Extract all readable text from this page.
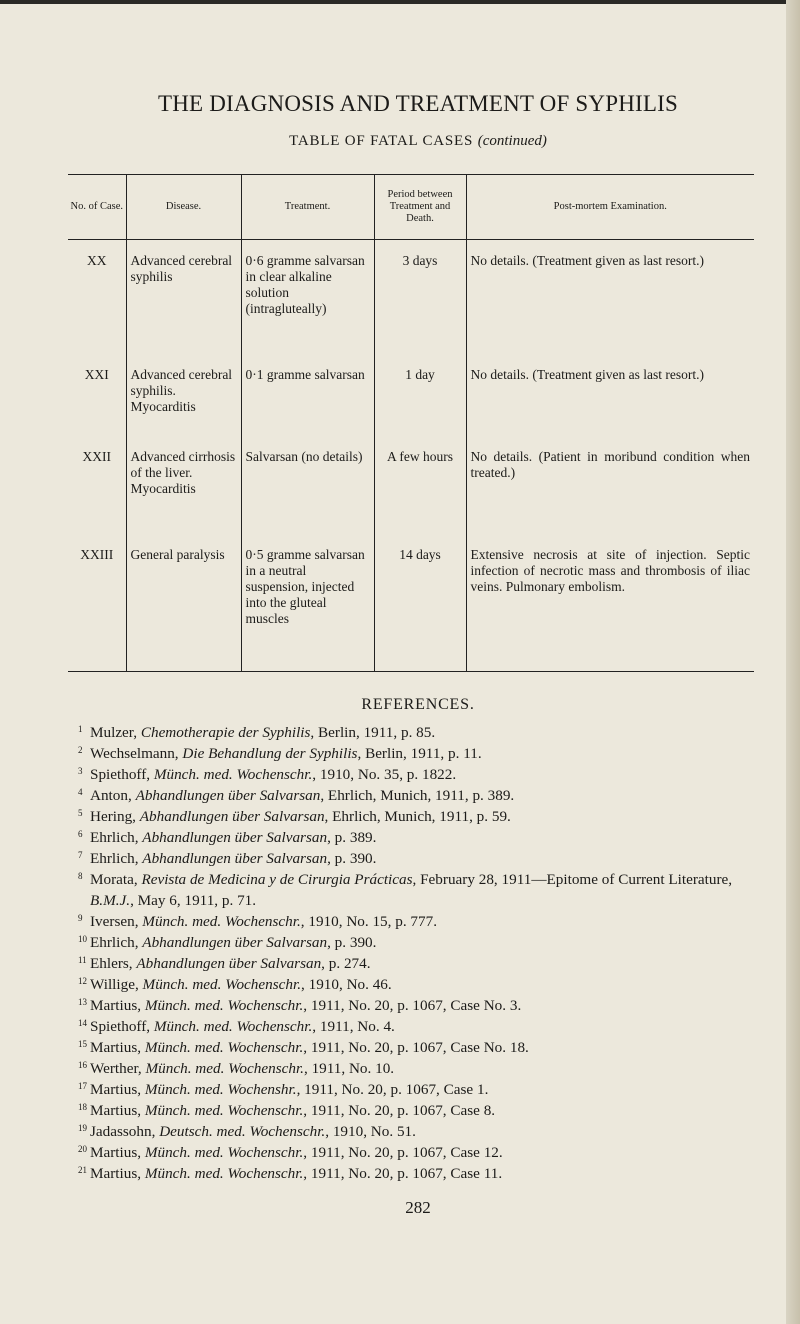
THE DIAGNOSIS AND TREATMENT OF SYPHILIS
TABLE OF FATAL CASES (continued)
No. of Case.	Disease.	Treatment.	Period between Treatment and Death.	Post-mortem Examination.
XX	Advanced cerebral syphilis	0·6 gramme salvarsan in clear alkaline solution (intragluteally)	3 days	No details. (Treatment given as last resort.)
XXI	Advanced cerebral syphilis. Myocarditis	0·1 gramme salvarsan	1 day	No details. (Treatment given as last resort.)
XXII	Advanced cirrhosis of the liver. Myocarditis	Salvarsan (no details)	A few hours	No details. (Patient in moribund condition when treated.)
XXIII	General paralysis	0·5 gramme salvarsan in a neutral suspension, injected into the gluteal muscles	14 days	Extensive necrosis at site of injection. Septic infection of necrotic mass and thrombosis of iliac veins. Pulmonary embolism.
REFERENCES.
1 Mulzer, Chemotherapie der Syphilis, Berlin, 1911, p. 85.
2 Wechselmann, Die Behandlung der Syphilis, Berlin, 1911, p. 11.
3 Spiethoff, Münch. med. Wochenschr., 1910, No. 35, p. 1822.
4 Anton, Abhandlungen über Salvarsan, Ehrlich, Munich, 1911, p. 389.
5 Hering, Abhandlungen über Salvarsan, Ehrlich, Munich, 1911, p. 59.
6 Ehrlich, Abhandlungen über Salvarsan, p. 389.
7 Ehrlich, Abhandlungen über Salvarsan, p. 390.
8 Morata, Revista de Medicina y de Cirurgia Prácticas, February 28, 1911—Epitome of Current Literature, B.M.J., May 6, 1911, p. 71.
9 Iversen, Münch. med. Wochenschr., 1910, No. 15, p. 777.
10 Ehrlich, Abhandlungen über Salvarsan, p. 390.
11 Ehlers, Abhandlungen über Salvarsan, p. 274.
12 Willige, Münch. med. Wochenschr., 1910, No. 46.
13 Martius, Münch. med. Wochenschr., 1911, No. 20, p. 1067, Case No. 3.
14 Spiethoff, Münch. med. Wochenschr., 1911, No. 4.
15 Martius, Münch. med. Wochenschr., 1911, No. 20, p. 1067, Case No. 18.
16 Werther, Münch. med. Wochenschr., 1911, No. 10.
17 Martius, Münch. med. Wochenshr., 1911, No. 20, p. 1067, Case 1.
18 Martius, Münch. med. Wochenschr., 1911, No. 20, p. 1067, Case 8.
19 Jadassohn, Deutsch. med. Wochenschr., 1910, No. 51.
20 Martius, Münch. med. Wochenschr., 1911, No. 20, p. 1067, Case 12.
21 Martius, Münch. med. Wochenschr., 1911, No. 20, p. 1067, Case 11.
282
